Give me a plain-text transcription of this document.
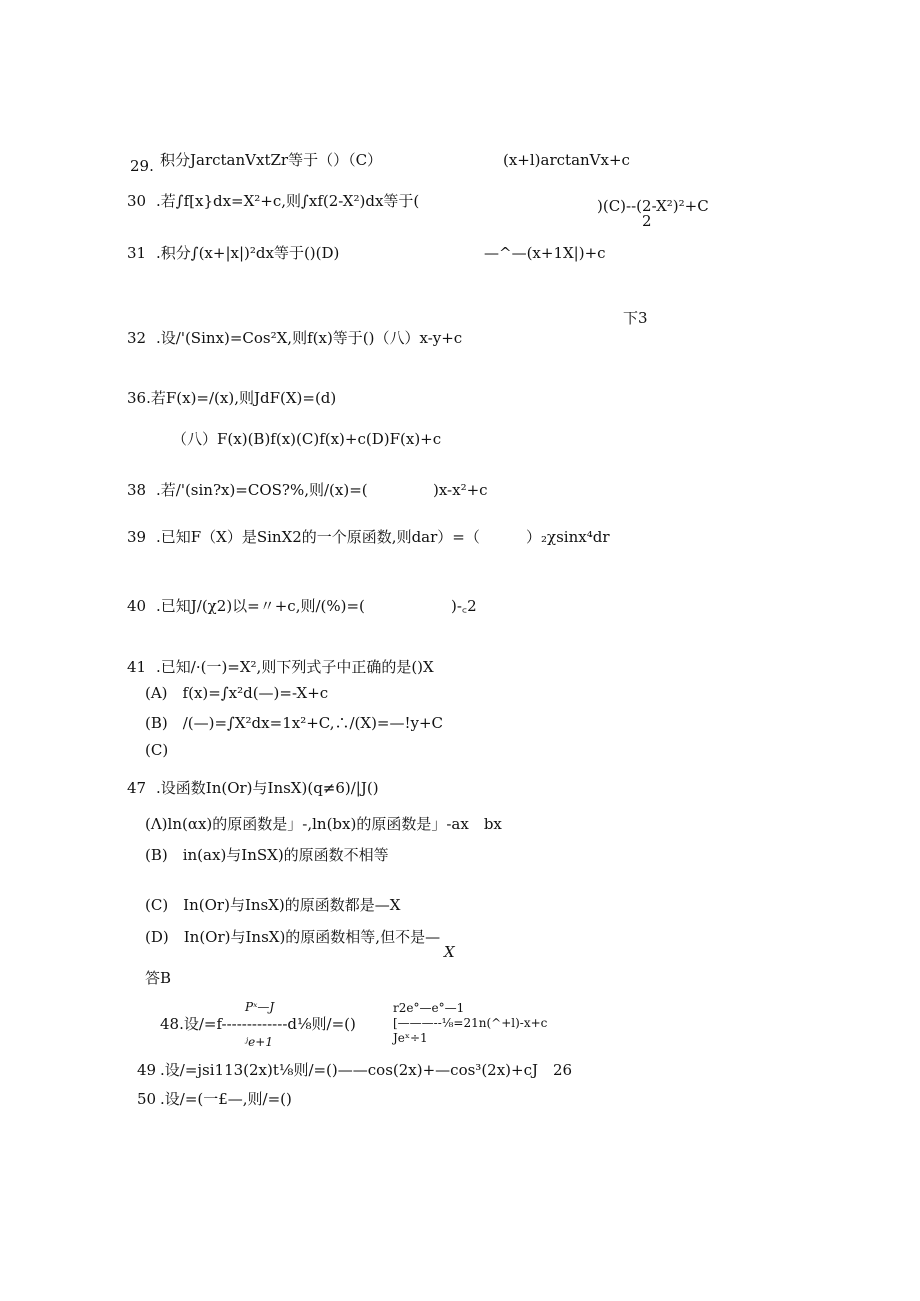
29. 积分JarctanVxtZr等于（）（C）	(x+l)arctanVx+c
30 .若∫f[x}dx=X²+c,则∫xf(2-X²)dx等于(	)(C)--(2-X²)²+C
2
31 .积分∫(x+|x|)²dx等于()(D)	—^—(x+1X|)+c
下3
32 .设/'(Sinx)=Cos²X,则f(x)等于()（八）x-y+c
36.若F(x)=/(x),则JdF(X)=(d)
（八）F(x)(B)f(x)(C)f(x)+c(D)F(x)+c
38 .若/'(sin?x)=COS?%,则/(x)=(	)x-x²+c
39 .已知F（X）是SinX2的一个原函数,则dar）=（	）₂χsinx⁴dr
40 .已知J/(χ2)以=〃+c,则/(%)=(	)-꜀2
41 .已知/·(一)=X²,则下列式子中正确的是()X
(A)　f(x)=∫x²d(—)=-X+c
(B)　/(—)=∫X²dx=1x²+C,∴/(X)=—!y+C
(C)
47 .设函数In(Or)与InsX)(q≠6)/|J()
(Λ)ln(αx)的原函数是」-,ln(bx)的原函数是」-ax　bx
(B)　in(ax)与InSX)的原函数不相等
(C)　In(Or)与InsX)的原函数都是—X
(D)　In(Or)与InsX)的原函数相等,但不是—
X
答B
Pˣ—J
48.设/=f-------------d⅛则/=()
ʲe+1
r2e°—e°—1
[———--⅛=21n(^+l)-x+c
Jeˣ÷1
49 .设/=jsi113(2x)t⅛则/=()——cos(2x)+—cos³(2x)+cJ　26
50 .设/=(一£—,则/=()
